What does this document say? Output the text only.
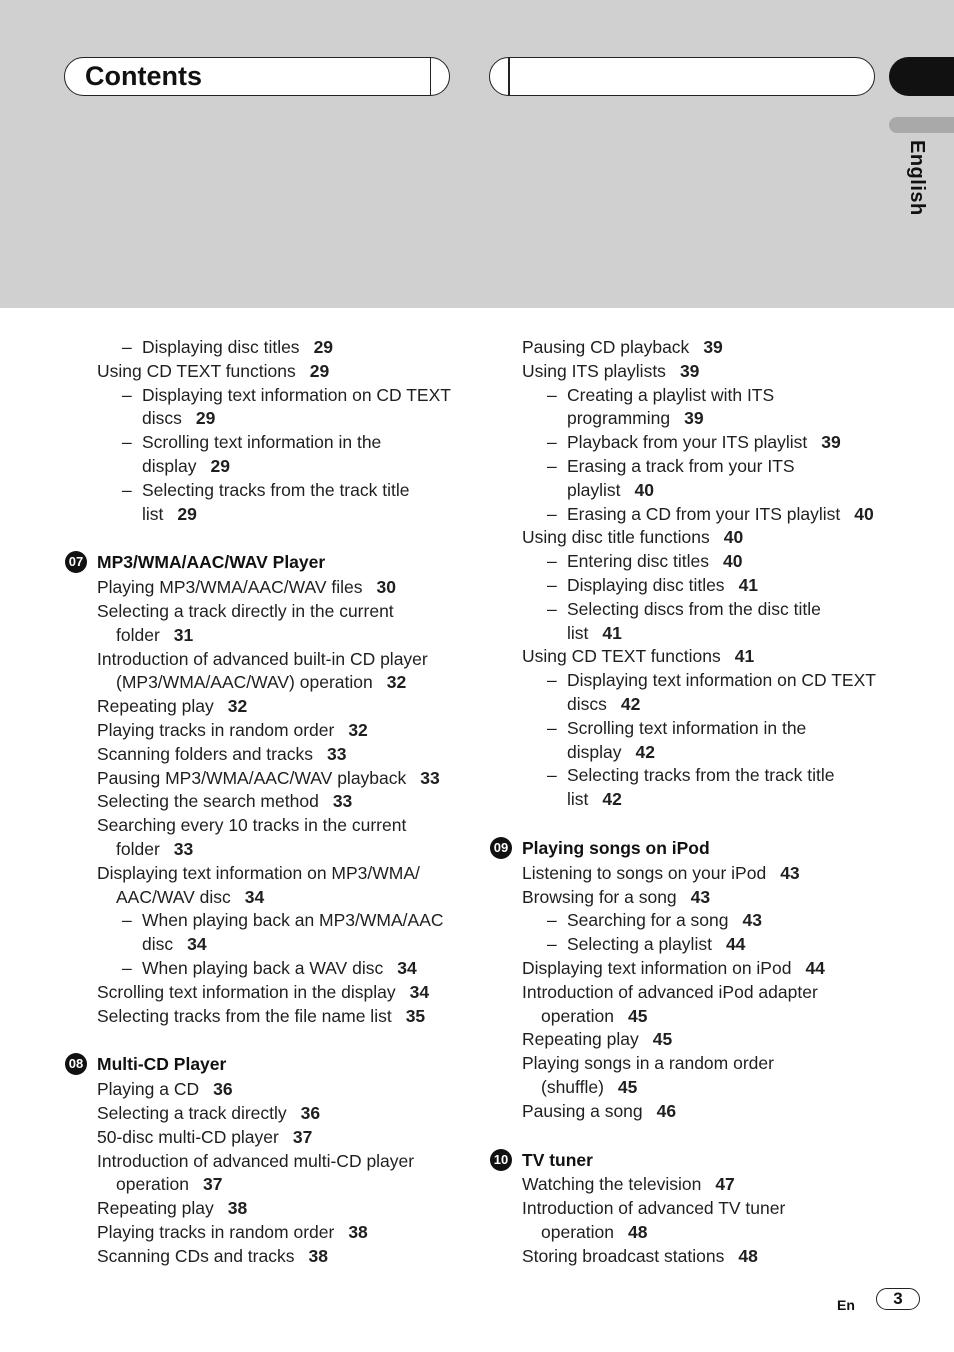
Contents
English
– Displaying disc titles 29
Using CD TEXT functions 29
– Displaying text information on CD TEXT
discs 29
– Scrolling text information in the
display 29
– Selecting tracks from the track title
list 29
07 MP3/WMA/AAC/WAV Player
Playing MP3/WMA/AAC/WAV files 30
Selecting a track directly in the current
folder 31
Introduction of advanced built-in CD player
(MP3/WMA/AAC/WAV) operation 32
Repeating play 32
Playing tracks in random order 32
Scanning folders and tracks 33
Pausing MP3/WMA/AAC/WAV playback 33
Selecting the search method 33
Searching every 10 tracks in the current
folder 33
Displaying text information on MP3/WMA/
AAC/WAV disc 34
– When playing back an MP3/WMA/AAC
disc 34
– When playing back a WAV disc 34
Scrolling text information in the display 34
Selecting tracks from the file name list 35
08 Multi-CD Player
Playing a CD 36
Selecting a track directly 36
50-disc multi-CD player 37
Introduction of advanced multi-CD player
operation 37
Repeating play 38
Playing tracks in random order 38
Scanning CDs and tracks 38
Pausing CD playback 39
Using ITS playlists 39
– Creating a playlist with ITS
programming 39
– Playback from your ITS playlist 39
– Erasing a track from your ITS
playlist 40
– Erasing a CD from your ITS playlist 40
Using disc title functions 40
– Entering disc titles 40
– Displaying disc titles 41
– Selecting discs from the disc title
list 41
Using CD TEXT functions 41
– Displaying text information on CD TEXT
discs 42
– Scrolling text information in the
display 42
– Selecting tracks from the track title
list 42
09 Playing songs on iPod
Listening to songs on your iPod 43
Browsing for a song 43
– Searching for a song 43
– Selecting a playlist 44
Displaying text information on iPod 44
Introduction of advanced iPod adapter
operation 45
Repeating play 45
Playing songs in a random order
(shuffle) 45
Pausing a song 46
10 TV tuner
Watching the television 47
Introduction of advanced TV tuner
operation 48
Storing broadcast stations 48
En	3
